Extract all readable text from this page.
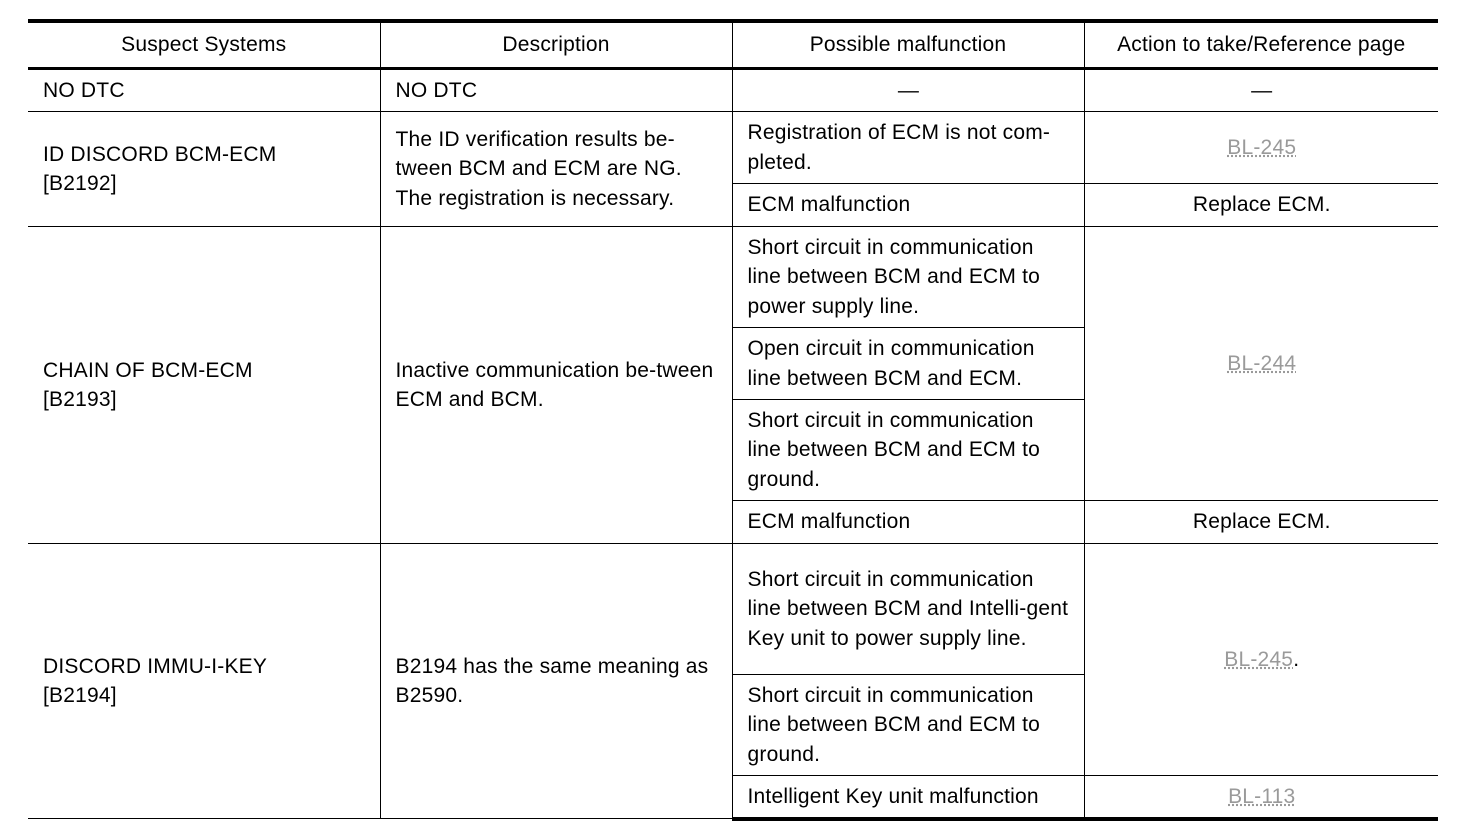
Suspect Systems	Description	Possible malfunction	Action to take/Reference page
NO DTC	NO DTC	—	—
ID DISCORD BCM-ECM
[B2192]	The ID verification results be-tween BCM and ECM are NG. The registration is necessary.	Registration of ECM is not com-pleted.	BL-245
		ECM malfunction	Replace ECM.
CHAIN OF BCM-ECM
[B2193]	Inactive communication be-tween ECM and BCM.	Short circuit in communication line between BCM and ECM to power supply line.	BL-244
		Open circuit in communication line between BCM and ECM.	
		Short circuit in communication line between BCM and ECM to ground.	
		ECM malfunction	Replace ECM.
DISCORD IMMU-I-KEY
[B2194]	B2194 has the same meaning as B2590.	Short circuit in communication line between BCM and Intelli-gent Key unit to power supply line.	BL-245.
		Short circuit in communication line between BCM and ECM to ground.	
		Intelligent Key unit malfunction	BL-113
